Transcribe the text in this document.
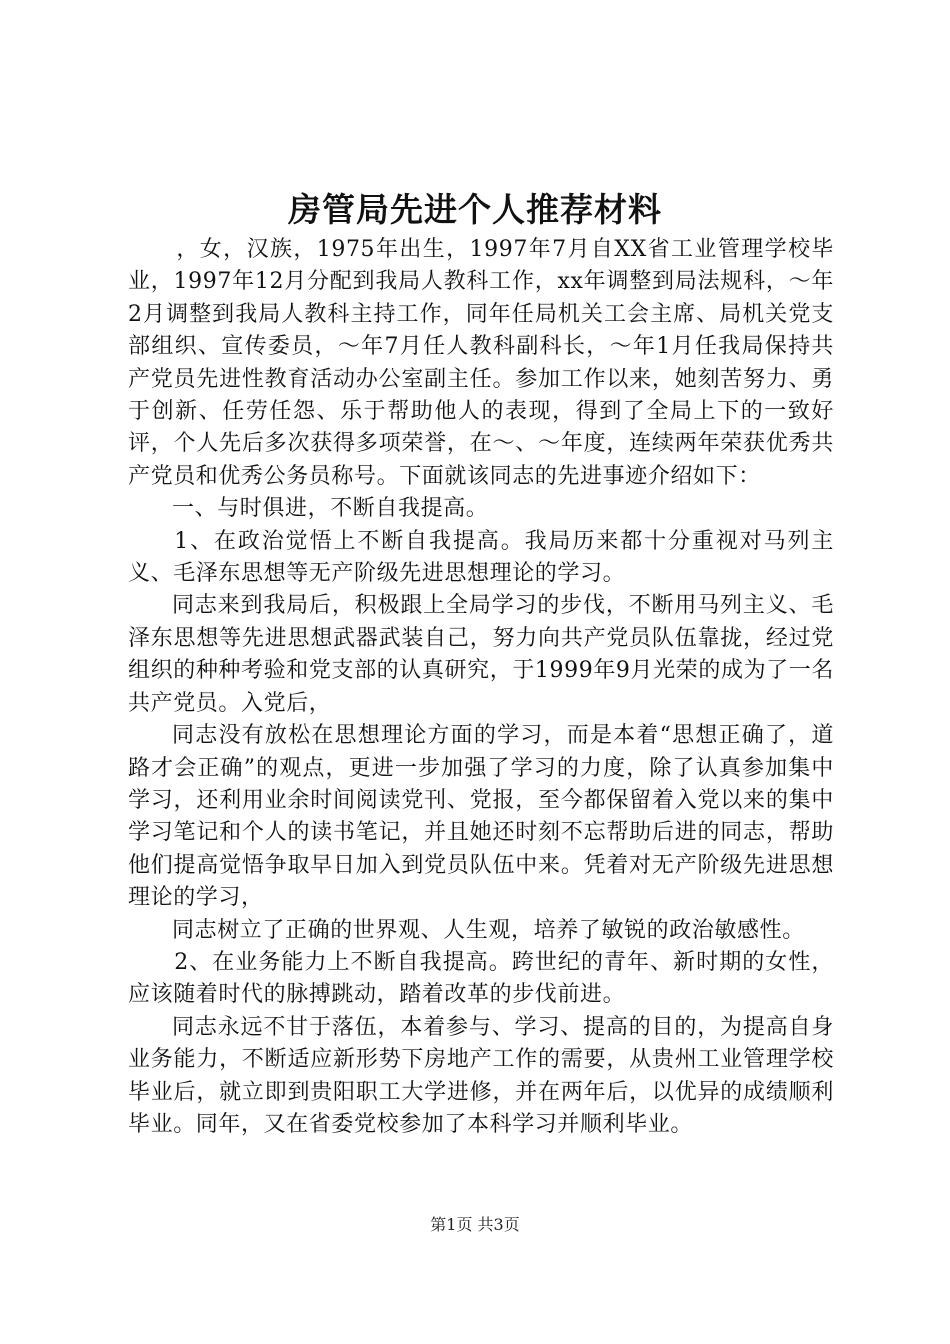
房管局先进个人推荐材料

，女，汉族，1975年出生，1997年7月自XX省工业管理学校毕业，1997年12月分配到我局人教科工作，xx年调整到局法规科，～年2月调整到我局人教科主持工作，同年任局机关工会主席、局机关党支部组织、宣传委员，～年7月任人教科副科长，～年1月任我局保持共产党员先进性教育活动办公室副主任。参加工作以来，她刻苦努力、勇于创新、任劳任怨、乐于帮助他人的表现，得到了全局上下的一致好评，个人先后多次获得多项荣誉，在～、～年度，连续两年荣获优秀共产党员和优秀公务员称号。下面就该同志的先进事迹介绍如下：

一、与时俱进，不断自我提高。

1、在政治觉悟上不断自我提高。我局历来都十分重视对马列主义、毛泽东思想等无产阶级先进思想理论的学习。

同志来到我局后，积极跟上全局学习的步伐，不断用马列主义、毛泽东思想等先进思想武器武装自己，努力向共产党员队伍靠拢，经过党组织的种种考验和党支部的认真研究，于1999年9月光荣的成为了一名共产党员。入党后，

同志没有放松在思想理论方面的学习，而是本着“思想正确了，道路才会正确”的观点，更进一步加强了学习的力度，除了认真参加集中学习，还利用业余时间阅读党刊、党报，至今都保留着入党以来的集中学习笔记和个人的读书笔记，并且她还时刻不忘帮助后进的同志，帮助他们提高觉悟争取早日加入到党员队伍中来。凭着对无产阶级先进思想理论的学习，

同志树立了正确的世界观、人生观，培养了敏锐的政治敏感性。

2、在业务能力上不断自我提高。跨世纪的青年、新时期的女性，应该随着时代的脉搏跳动，踏着改革的步伐前进。

同志永远不甘于落伍，本着参与、学习、提高的目的，为提高自身业务能力，不断适应新形势下房地产工作的需要，从贵州工业管理学校毕业后，就立即到贵阳职工大学进修，并在两年后，以优异的成绩顺利毕业。同年，又在省委党校参加了本科学习并顺利毕业。

第1页 共3页
